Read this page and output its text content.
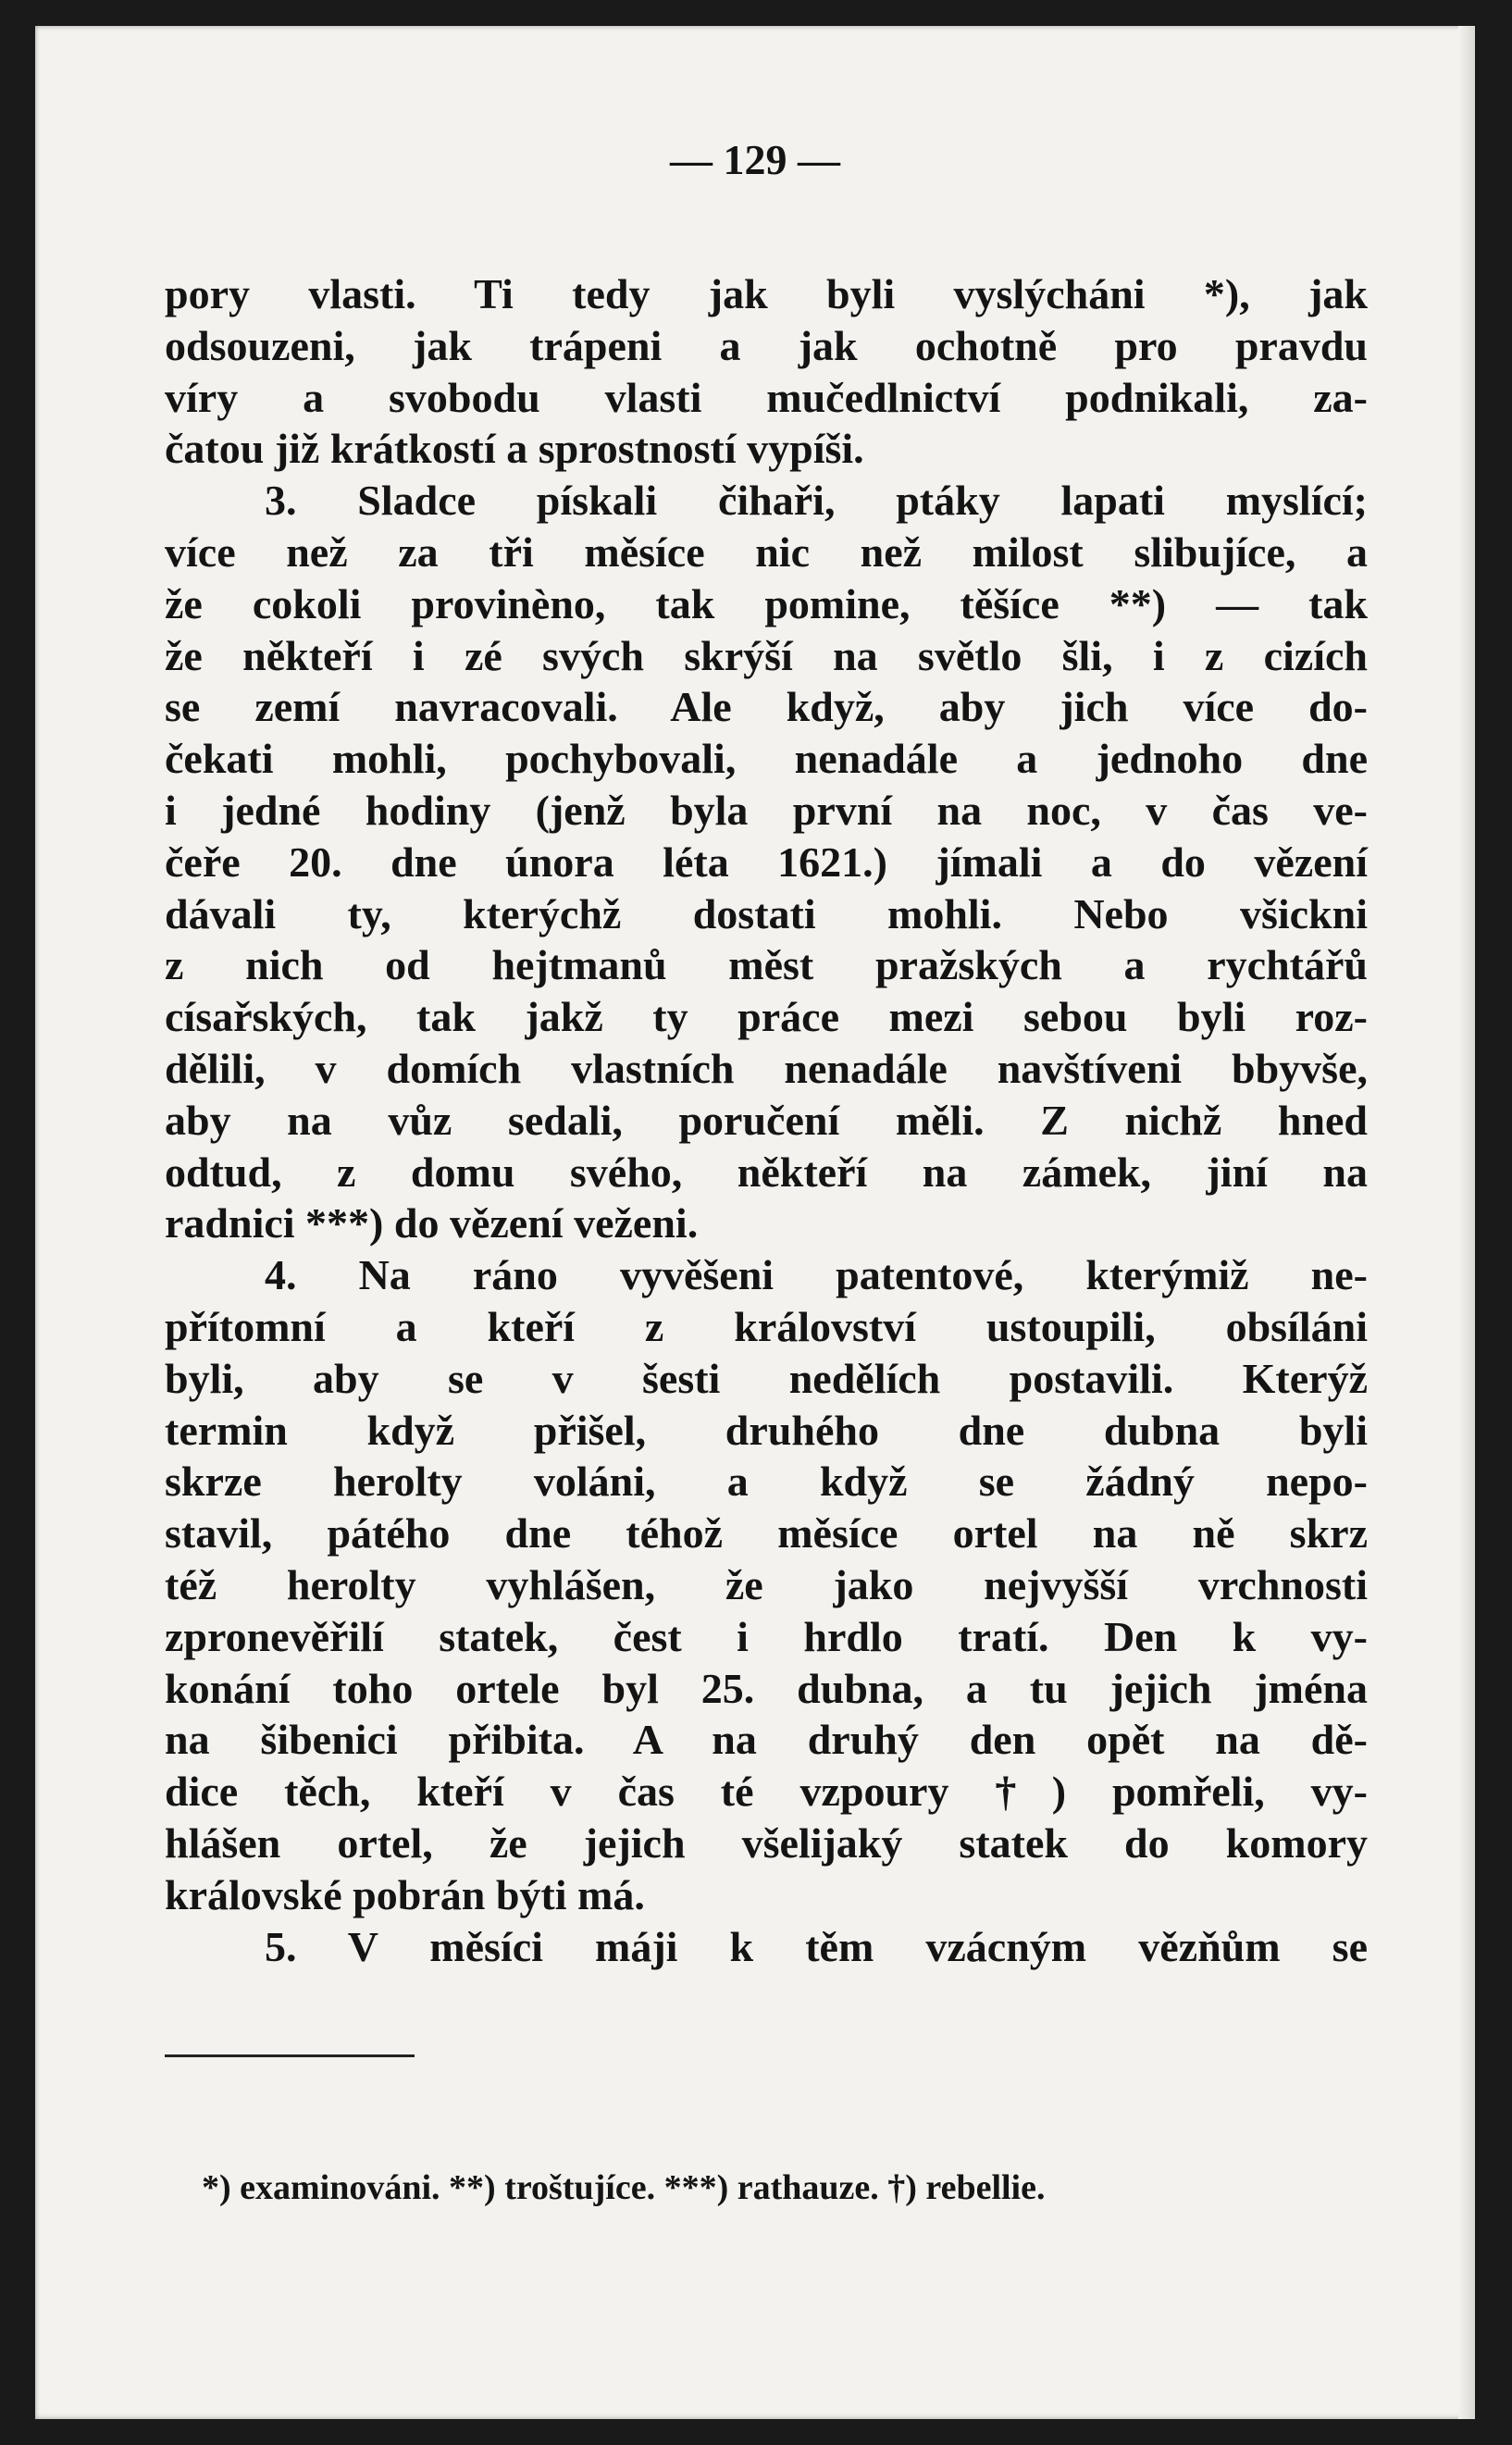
— 129 —
pory vlasti. Ti tedy jak byli vyslýcháni *), jak
odsouzeni, jak trápeni a jak ochotně pro pravdu
víry a svobodu vlasti mučedlnictví podnikali, za-
čatou již krátkostí a sprostností vypíši.
3. Sladce pískali čihaři, ptáky lapati myslící;
více než za tři měsíce nic než milost slibujíce, a
že cokoli provinèno, tak pomine, těšíce **) — tak
že někteří i zé svých skrýší na světlo šli, i z cizích
se zemí navracovali. Ale když, aby jich více do-
čekati mohli, pochybovali, nenadále a jednoho dne
i jedné hodiny (jenž byla první na noc, v čas ve-
čeře 20. dne února léta 1621.) jímali a do vězení
dávali ty, kterýchž dostati mohli. Nebo všickni
z nich od hejtmanů měst pražských a rychtářů
císařských, tak jakž ty práce mezi sebou byli roz-
dělili, v domích vlastních nenadále navštíveni bbyvše,
aby na vůz sedali, poručení měli. Z nichž hned
odtud, z domu svého, někteří na zámek, jiní na
radnici ***) do vězení veženi.
4. Na ráno vyvěšeni patentové, kterýmiž ne-
přítomní a kteří z království ustoupili, obsíláni
byli, aby se v šesti nedělích postavili. Kterýž
termin když přišel, druhého dne dubna byli
skrze herolty voláni, a když se žádný nepo-
stavil, pátého dne téhož měsíce ortel na ně skrz
též herolty vyhlášen, že jako nejvyšší vrchnosti
zpronevěřilí statek, čest i hrdlo tratí. Den k vy-
konání toho ortele byl 25. dubna, a tu jejich jména
na šibenici přibita. A na druhý den opět na dě-
dice těch, kteří v čas té vzpoury †) pomřeli, vy-
hlášen ortel, že jejich všelijaký statek do komory
královské pobrán býti má.
5. V měsíci máji k těm vzácným vězňům se
*) examinováni. **) troštujíce. ***) rathauze. †) rebellie.
